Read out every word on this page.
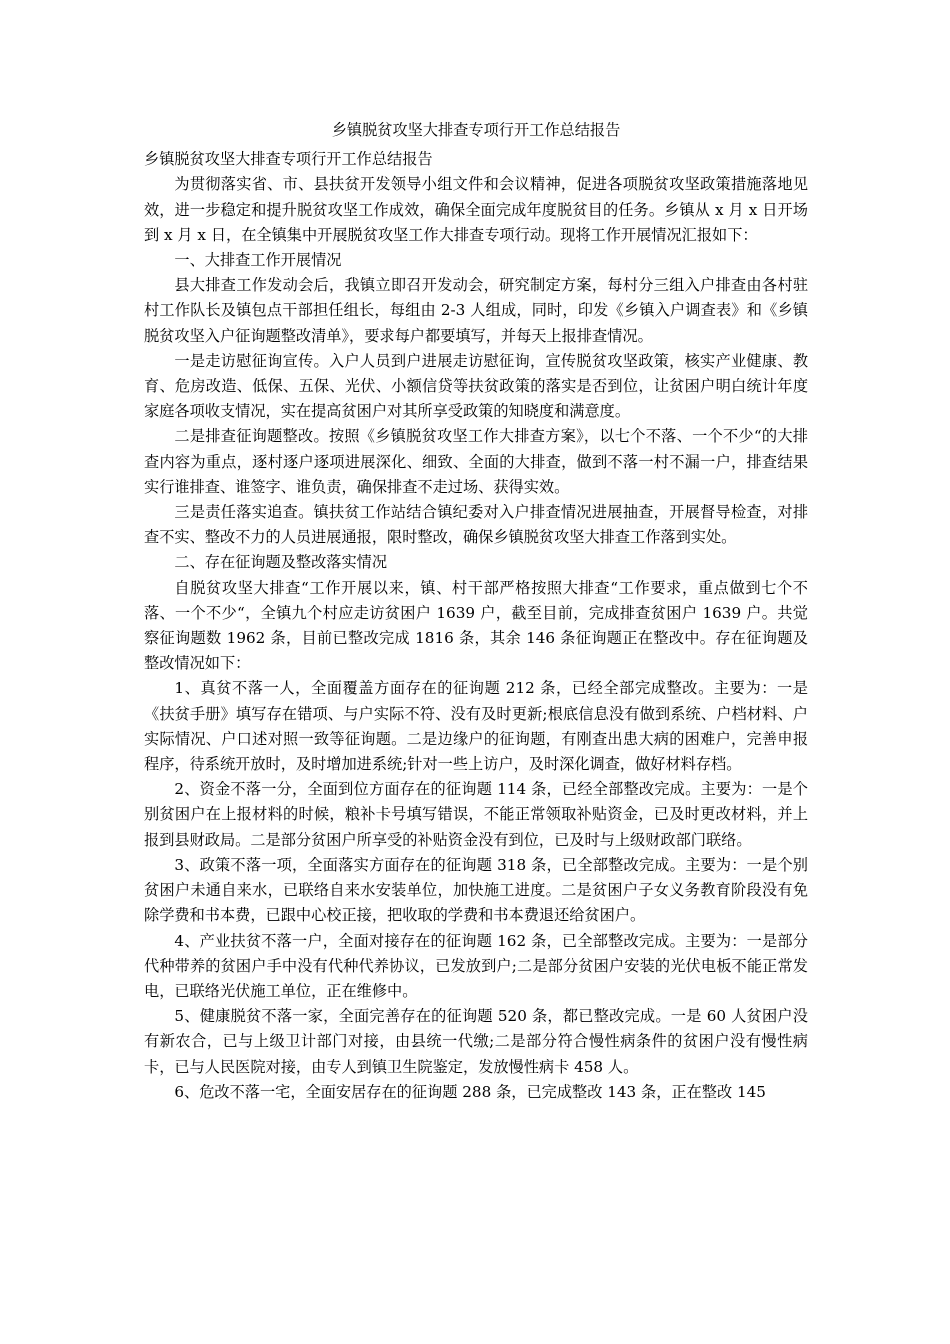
乡镇脱贫攻坚大排查专项行开工作总结报告

乡镇脱贫攻坚大排查专项行开工作总结报告

为贯彻落实省、市、县扶贫开发领导小组文件和会议精神，促进各项脱贫攻坚政策措施落地见效，进一步稳定和提升脱贫攻坚工作成效，确保全面完成年度脱贫目的任务。乡镇从 x 月 x 日开场到 x 月 x 日，在全镇集中开展脱贫攻坚工作大排查专项行动。现将工作开展情况汇报如下：

一、大排查工作开展情况

县大排查工作发动会后，我镇立即召开发动会，研究制定方案，每村分三组入户排查由各村驻村工作队长及镇包点干部担任组长，每组由 2-3 人组成，同时，印发《乡镇入户调查表》和《乡镇脱贫攻坚入户征询题整改清单》，要求每户都要填写，并每天上报排查情况。

一是走访慰征询宣传。入户人员到户进展走访慰征询，宣传脱贫攻坚政策，核实产业健康、教育、危房改造、低保、五保、光伏、小额信贷等扶贫政策的落实是否到位，让贫困户明白统计年度家庭各项收支情况，实在提高贫困户对其所享受政策的知晓度和满意度。

二是排查征询题整改。按照《乡镇脱贫攻坚工作大排查方案》，以七个不落、一个不少“的大排查内容为重点，逐村逐户逐项进展深化、细致、全面的大排查，做到不落一村不漏一户，排查结果实行谁排查、谁签字、谁负责，确保排查不走过场、获得实效。

三是责任落实追查。镇扶贫工作站结合镇纪委对入户排查情况进展抽查，开展督导检查，对排查不实、整改不力的人员进展通报，限时整改，确保乡镇脱贫攻坚大排查工作落到实处。

二、存在征询题及整改落实情况

自脱贫攻坚大排查“工作开展以来，镇、村干部严格按照大排查“工作要求，重点做到七个不落、一个不少“，全镇九个村应走访贫困户 1639 户，截至目前，完成排查贫困户 1639 户。共觉察征询题数 1962 条，目前已整改完成 1816 条，其余 146 条征询题正在整改中。存在征询题及整改情况如下：

1、真贫不落一人，全面覆盖方面存在的征询题 212 条，已经全部完成整改。主要为：一是《扶贫手册》填写存在错项、与户实际不符、没有及时更新;根底信息没有做到系统、户档材料、户实际情况、户口述对照一致等征询题。二是边缘户的征询题，有刚查出患大病的困难户，完善申报程序，待系统开放时，及时增加进系统;针对一些上访户，及时深化调查，做好材料存档。

2、资金不落一分，全面到位方面存在的征询题 114 条，已经全部整改完成。主要为：一是个别贫困户在上报材料的时候，粮补卡号填写错误，不能正常领取补贴资金，已及时更改材料，并上报到县财政局。二是部分贫困户所享受的补贴资金没有到位，已及时与上级财政部门联络。

3、政策不落一项，全面落实方面存在的征询题 318 条，已全部整改完成。主要为：一是个别贫困户未通自来水，已联络自来水安装单位，加快施工进度。二是贫困户子女义务教育阶段没有免除学费和书本费，已跟中心校正接，把收取的学费和书本费退还给贫困户。

4、产业扶贫不落一户，全面对接存在的征询题 162 条，已全部整改完成。主要为：一是部分代种带养的贫困户手中没有代种代养协议，已发放到户;二是部分贫困户安装的光伏电板不能正常发电，已联络光伏施工单位，正在维修中。

5、健康脱贫不落一家，全面完善存在的征询题 520 条，都已整改完成。一是 60 人贫困户没有新农合，已与上级卫计部门对接，由县统一代缴;二是部分符合慢性病条件的贫困户没有慢性病卡，已与人民医院对接，由专人到镇卫生院鉴定，发放慢性病卡 458 人。

6、危改不落一宅，全面安居存在的征询题 288 条，已完成整改 143 条，正在整改 145
